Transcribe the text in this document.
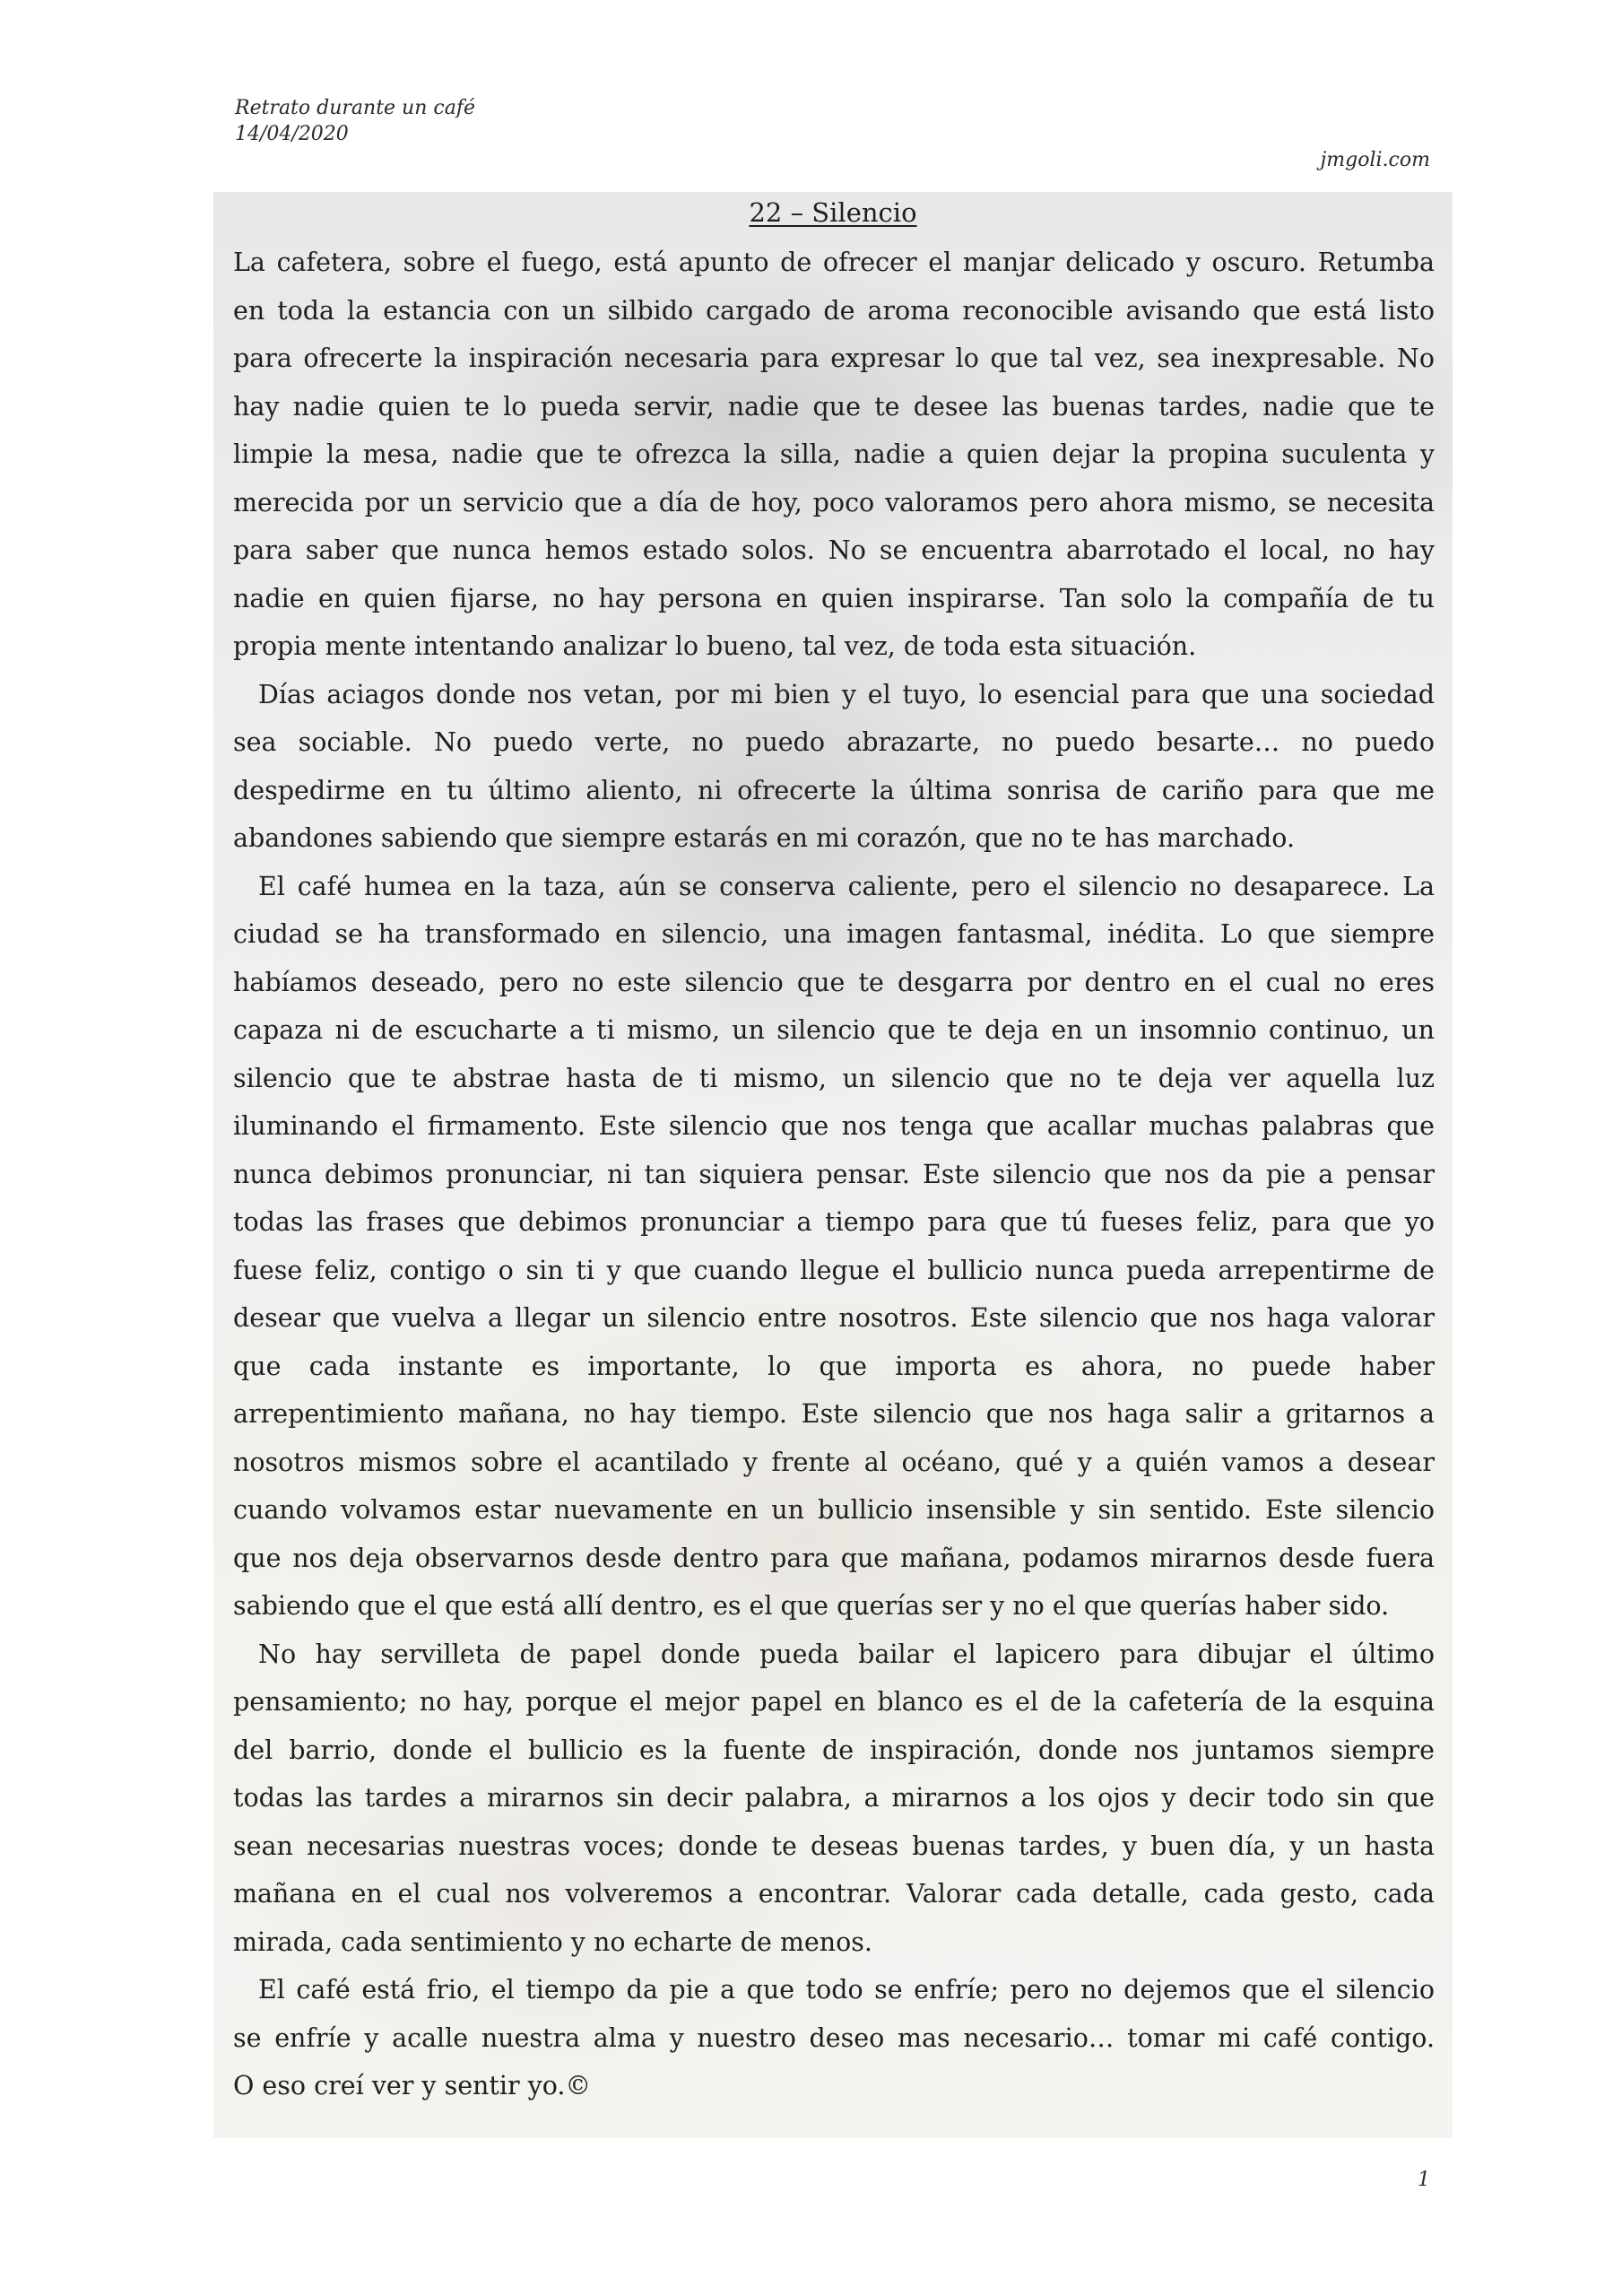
Retrato durante un café
14/04/2020
jmgoli.com
22 – Silencio
La cafetera, sobre el fuego, está apunto de ofrecer el manjar delicado y oscuro. Retumba
en toda la estancia con un silbido cargado de aroma reconocible avisando que está listo
para ofrecerte la inspiración necesaria para expresar lo que tal vez, sea inexpresable. No
hay nadie quien te lo pueda servir, nadie que te desee las buenas tardes, nadie que te
limpie la mesa, nadie que te ofrezca la silla, nadie a quien dejar la propina suculenta y
merecida por un servicio que a día de hoy, poco valoramos pero ahora mismo, se necesita
para saber que nunca hemos estado solos. No se encuentra abarrotado el local, no hay
nadie en quien fijarse, no hay persona en quien inspirarse. Tan solo la compañía de tu
propia mente intentando analizar lo bueno, tal vez, de toda esta situación.
Días aciagos donde nos vetan, por mi bien y el tuyo, lo esencial para que una sociedad
sea sociable. No puedo verte, no puedo abrazarte, no puedo besarte… no puedo
despedirme en tu último aliento, ni ofrecerte la última sonrisa de cariño para que me
abandones sabiendo que siempre estarás en mi corazón, que no te has marchado.
El café humea en la taza, aún se conserva caliente, pero el silencio no desaparece. La
ciudad se ha transformado en silencio, una imagen fantasmal, inédita. Lo que siempre
habíamos deseado, pero no este silencio que te desgarra por dentro en el cual no eres
capaza ni de escucharte a ti mismo, un silencio que te deja en un insomnio continuo, un
silencio que te abstrae hasta de ti mismo, un silencio que no te deja ver aquella luz
iluminando el firmamento. Este silencio que nos tenga que acallar muchas palabras que
nunca debimos pronunciar, ni tan siquiera pensar. Este silencio que nos da pie a pensar
todas las frases que debimos pronunciar a tiempo para que tú fueses feliz, para que yo
fuese feliz, contigo o sin ti y que cuando llegue el bullicio nunca pueda arrepentirme de
desear que vuelva a llegar un silencio entre nosotros. Este silencio que nos haga valorar
que cada instante es importante, lo que importa es ahora, no puede haber
arrepentimiento mañana, no hay tiempo. Este silencio que nos haga salir a gritarnos a
nosotros mismos sobre el acantilado y frente al océano, qué y a quién vamos a desear
cuando volvamos estar nuevamente en un bullicio insensible y sin sentido. Este silencio
que nos deja observarnos desde dentro para que mañana, podamos mirarnos desde fuera
sabiendo que el que está allí dentro, es el que querías ser y no el que querías haber sido.
No hay servilleta de papel donde pueda bailar el lapicero para dibujar el último
pensamiento; no hay, porque el mejor papel en blanco es el de la cafetería de la esquina
del barrio, donde el bullicio es la fuente de inspiración, donde nos juntamos siempre
todas las tardes a mirarnos sin decir palabra, a mirarnos a los ojos y decir todo sin que
sean necesarias nuestras voces; donde te deseas buenas tardes, y buen día, y un hasta
mañana en el cual nos volveremos a encontrar. Valorar cada detalle, cada gesto, cada
mirada, cada sentimiento y no echarte de menos.
El café está frio, el tiempo da pie a que todo se enfríe; pero no dejemos que el silencio
se enfríe y acalle nuestra alma y nuestro deseo mas necesario… tomar mi café contigo.
O eso creí ver y sentir yo.©
1
